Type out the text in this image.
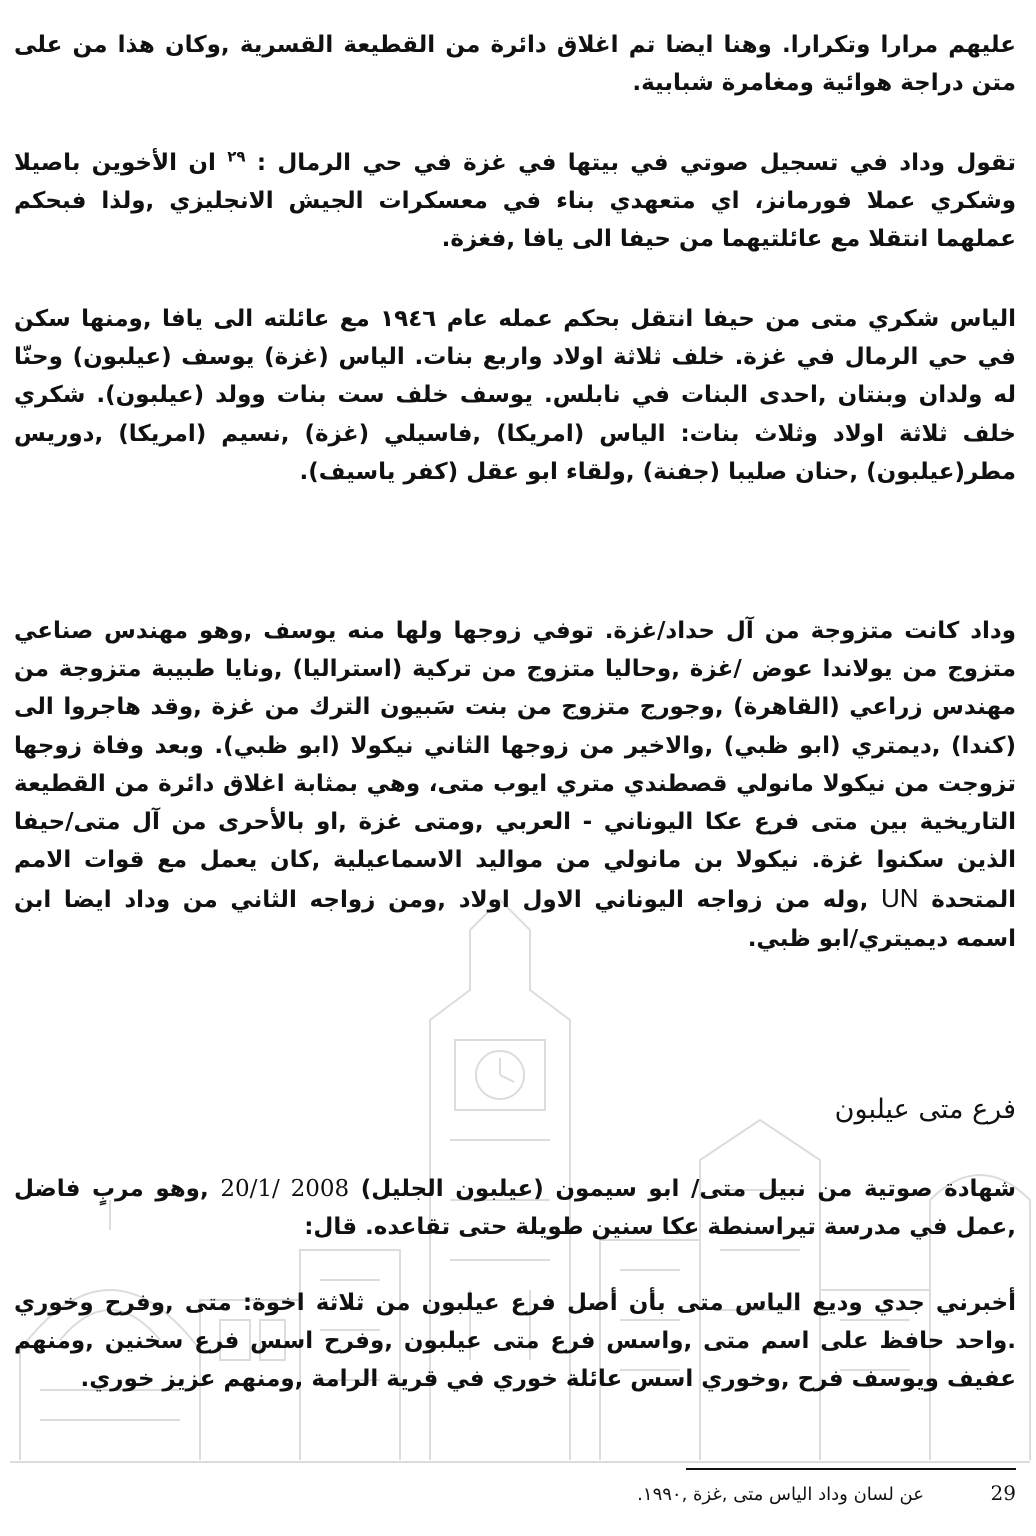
عليهم مرارا وتكرارا. وهنا ايضا تم اغلاق دائرة من القطيعة القسرية ,وكان هذا من على متن دراجة هوائية ومغامرة شبابية.

تقول وداد في تسجيل صوتي في بيتها في غزة في حي الرمال : $^{٢٩}$ ان الأخوين باصيلا وشكري عملا فورمانز، اي متعهدي بناء في معسكرات الجيش الانجليزي ,ولذا فبحكم عملهما انتقلا مع عائلتيهما من حيفا الى يافا ,فغزة.

الياس شكري متى من حيفا انتقل بحكم عمله عام ١٩٤٦ مع عائلته الى يافا ,ومنها سكن في حي الرمال في غزة. خلف ثلاثة اولاد واربع بنات. الياس (غزة) يوسف (عيلبون) وحنّا له ولدان وبنتان ,احدى البنات في نابلس. يوسف خلف ست بنات وولد (عيلبون). شكري خلف ثلاثة اولاد وثلاث بنات: الياس (امريكا) ,فاسيلي (غزة) ,نسيم (امريكا) ,دوريس مطر(عيلبون) ,حنان صليبا (جفنة) ,ولقاء ابو عقل (كفر ياسيف).

وداد كانت متزوجة من آل حداد/غزة. توفي زوجها ولها منه يوسف ,وهو مهندس صناعي متزوج من يولاندا عوض /غزة ,وحاليا متزوج من تركية (استراليا) ,ونايا طبيبة متزوجة من مهندس زراعي (القاهرة) ,وجورج متزوج من بنت سَبيون الترك من غزة ,وقد هاجروا الى (كندا) ,ديمتري (ابو ظبي) ,والاخير من زوجها الثاني نيكولا (ابو ظبي). وبعد وفاة زوجها تزوجت من نيكولا مانولي قصطندي متري ايوب متى، وهي بمثابة اغلاق دائرة من القطيعة التاريخية بين متى فرع عكا اليوناني - العربي ,ومتى غزة ,او بالأحرى من آل متى/حيفا الذين سكنوا غزة. نيكولا بن مانولي من مواليد الاسماعيلية ,كان يعمل مع قوات الامم المتحدة UN ,وله من زواجه اليوناني الاول اولاد ,ومن زواجه الثاني من وداد ايضا ابن اسمه ديميتري/ابو ظبي.

فرع متى عيلبون

شهادة صوتية من نبيل متى/ ابو سيمون (عيلبون الجليل) 20/1/ 2008 ,وهو مربٍ فاضل ,عمل في مدرسة تيراسنطة عكا سنين طويلة حتى تقاعده. قال:

أخبرني جدي وديع الياس متى بأن أصل فرع عيلبون من ثلاثة اخوة: متى ,وفرح وخوري .واحد حافظ على اسم متى ,واسس فرع متى عيلبون ,وفرح اسس فرع سخنين ,ومنهم عفيف ويوسف فرح ,وخوري اسس عائلة خوري في قرية الرامة ,ومنهم عزيز خوري.

عن لسان وداد الياس متى ,غزة ,١٩٩٠.	29
